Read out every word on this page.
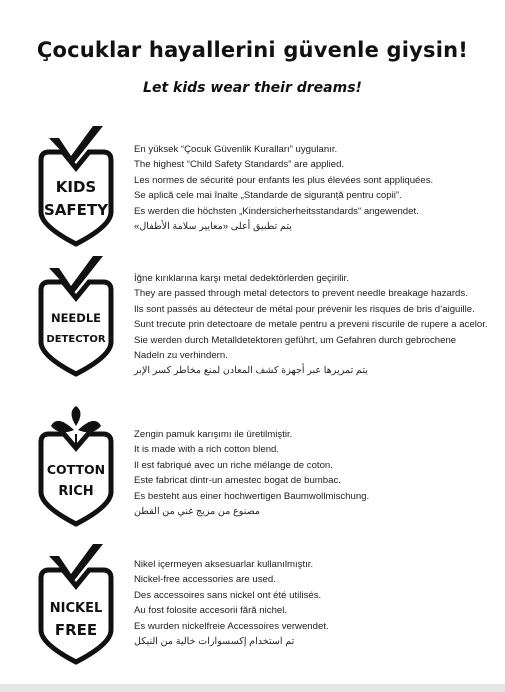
Çocuklar hayallerini güvenle giysin!
Let kids wear their dreams!
KIDS
SAFETY
En yüksek “Çocuk Güvenlik Kuralları” uygulanır.
The highest “Child Safety Standards” are applied.
Les normes de sécurité pour enfants les plus élevées sont appliquées.
Se aplică cele mai înalte „Standarde de siguranță pentru copii”.
Es werden die höchsten „Kindersicherheitsstandards“ angewendet.
يتم تطبيق أعلى «معايير سلامة الأطفال»
NEEDLE
DETECTOR
İğne kırıklarına karşı metal dedektörlerden geçirilir.
They are passed through metal detectors to prevent needle breakage hazards.
Ils sont passés au détecteur de métal pour prévenir les risques de bris d’aiguille.
Sunt trecute prin detectoare de metale pentru a preveni riscurile de rupere a acelor.
Sie werden durch Metalldetektoren geführt, um Gefahren durch gebrochene Nadeln zu verhindern.
يتم تمريرها عبر أجهزة كشف المعادن لمنع مخاطر كسر الإبر
COTTON
RICH
Zengin pamuk karışımı ile üretilmiştir.
It is made with a rich cotton blend.
Il est fabriqué avec un riche mélange de coton.
Este fabricat dintr-un amestec bogat de bumbac.
Es besteht aus einer hochwertigen Baumwollmischung.
مصنوع من مزيج غني من القطن
NICKEL
FREE
Nikel içermeyen aksesuarlar kullanılmıştır.
Nickel-free accessories are used.
Des accessoires sans nickel ont été utilisés.
Au fost folosite accesorii fără nichel.
Es wurden nickelfreie Accessoires verwendet.
تم استخدام إكسسوارات خالية من النيكل
